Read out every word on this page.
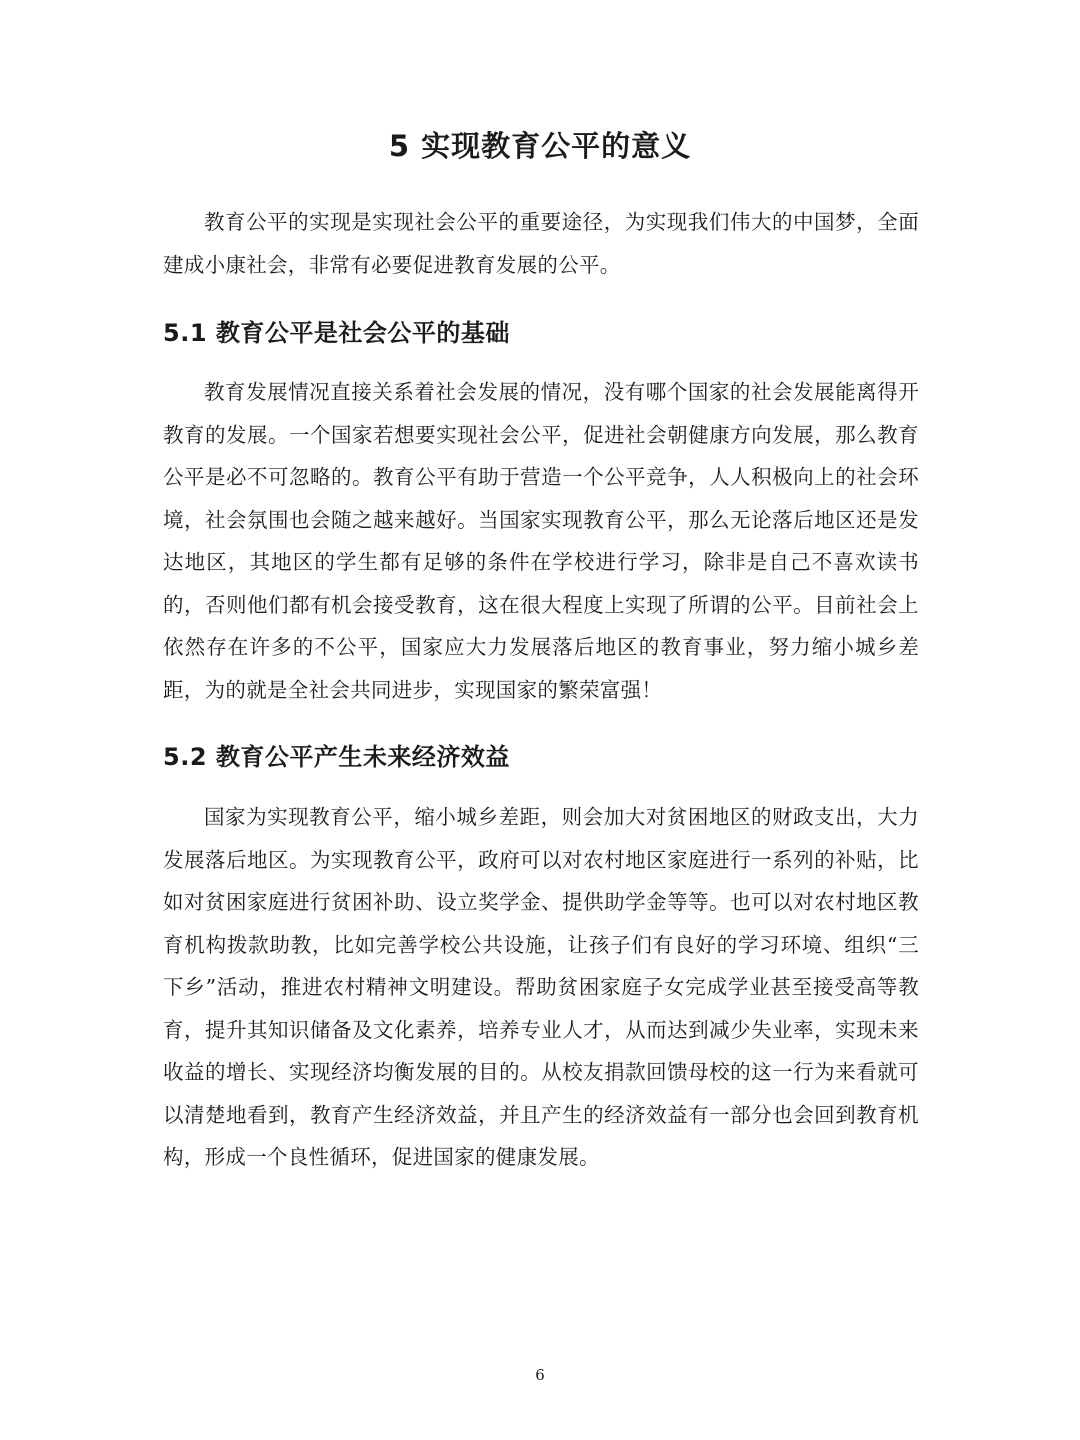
5 实现教育公平的意义

教育公平的实现是实现社会公平的重要途径，为实现我们伟大的中国梦，全面建成小康社会，非常有必要促进教育发展的公平。

5.1 教育公平是社会公平的基础

教育发展情况直接关系着社会发展的情况，没有哪个国家的社会发展能离得开教育的发展。一个国家若想要实现社会公平，促进社会朝健康方向发展，那么教育公平是必不可忽略的。教育公平有助于营造一个公平竞争，人人积极向上的社会环境，社会氛围也会随之越来越好。当国家实现教育公平，那么无论落后地区还是发达地区，其地区的学生都有足够的条件在学校进行学习，除非是自己不喜欢读书的，否则他们都有机会接受教育，这在很大程度上实现了所谓的公平。目前社会上依然存在许多的不公平，国家应大力发展落后地区的教育事业，努力缩小城乡差距，为的就是全社会共同进步，实现国家的繁荣富强！

5.2 教育公平产生未来经济效益

国家为实现教育公平，缩小城乡差距，则会加大对贫困地区的财政支出，大力发展落后地区。为实现教育公平，政府可以对农村地区家庭进行一系列的补贴，比如对贫困家庭进行贫困补助、设立奖学金、提供助学金等等。也可以对农村地区教育机构拨款助教，比如完善学校公共设施，让孩子们有良好的学习环境、组织“三下乡”活动，推进农村精神文明建设。帮助贫困家庭子女完成学业甚至接受高等教育，提升其知识储备及文化素养，培养专业人才，从而达到减少失业率，实现未来收益的增长、实现经济均衡发展的目的。从校友捐款回馈母校的这一行为来看就可以清楚地看到，教育产生经济效益，并且产生的经济效益有一部分也会回到教育机构，形成一个良性循环，促进国家的健康发展。

6
